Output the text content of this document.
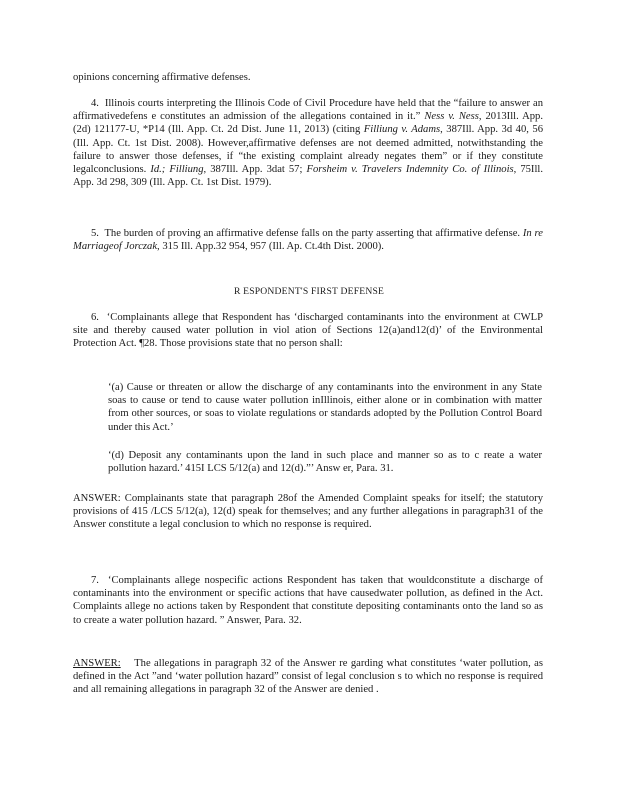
opinions concerning affirmative defenses.

4. Illinois courts interpreting the Illinois Code of Civil Procedure have held that the “failure to answer an affirmativedefens e constitutes an admission of the allegations contained in it.” Ness v. Ness, 2013Ill. App. (2d) 121177-U, *P14 (Ill. App. Ct. 2d Dist. June 11, 2013) (citing Filliung v. Adams, 387Ill. App. 3d 40, 56 (Ill. App. Ct. 1st Dist. 2008). However,affirmative defenses are not deemed admitted, notwithstanding the failure to answer those defenses, if “the existing complaint already negates them” or if they constitute legalconclusions. Id.; Filliung, 387Ill. App. 3dat 57; Forsheim v. Travelers Indemnity Co. of Illinois, 75Ill. App. 3d 298, 309 (Ill. App. Ct. 1st Dist. 1979).

5. The burden of proving an affirmative defense falls on the party asserting that affirmative defense. In re Marriageof Jorczak, 315 Ill. App.32 954, 957 (Ill. Ap. Ct.4th Dist. 2000).

R ESPONDENT'S FIRST DEFENSE

6. ‘Complainants allege that Respondent has ‘discharged contaminants into the environment at CWLP site and thereby caused water pollution in viol ation of Sections 12(a)and12(d)’ of the Environmental Protection Act. ¶28. Those provisions state that no person shall:

‘(a) Cause or threaten or allow the discharge of any contaminants into the environment in any State soas to cause or tend to cause water pollution inIllinois, either alone or in combination with matter from other sources, or soas to violate regulations or standards adopted by the Pollution Control Board under this Act.’

‘(d) Deposit any contaminants upon the land in such place and manner so as to c reate a water pollution hazard.’ 415I LCS 5/12(a) and 12(d).”’ Answ er, Para. 31.

ANSWER: Complainants state that paragraph 28of the Amended Complaint speaks for itself; the statutory provisions of 415 /LCS 5/12(a), 12(d) speak for themselves; and any further allegations in paragraph31 of the Answer constitute a legal conclusion to which no response is required.

7. ‘Complainants allege nospecific actions Respondent has taken that wouldconstitute a discharge of contaminants into the environment or specific actions that have causedwater pollution, as defined in the Act. Complaints allege no actions taken by Respondent that constitute depositing contaminants onto the land so as to create a water pollution hazard. ” Answer, Para. 32.

ANSWER: The allegations in paragraph 32 of the Answer re garding what constitutes ‘water pollution, as defined in the Act ”and ‘water pollution hazard” consist of legal conclusion s to which no response is required and all remaining allegations in paragraph 32 of the Answer are denied .
